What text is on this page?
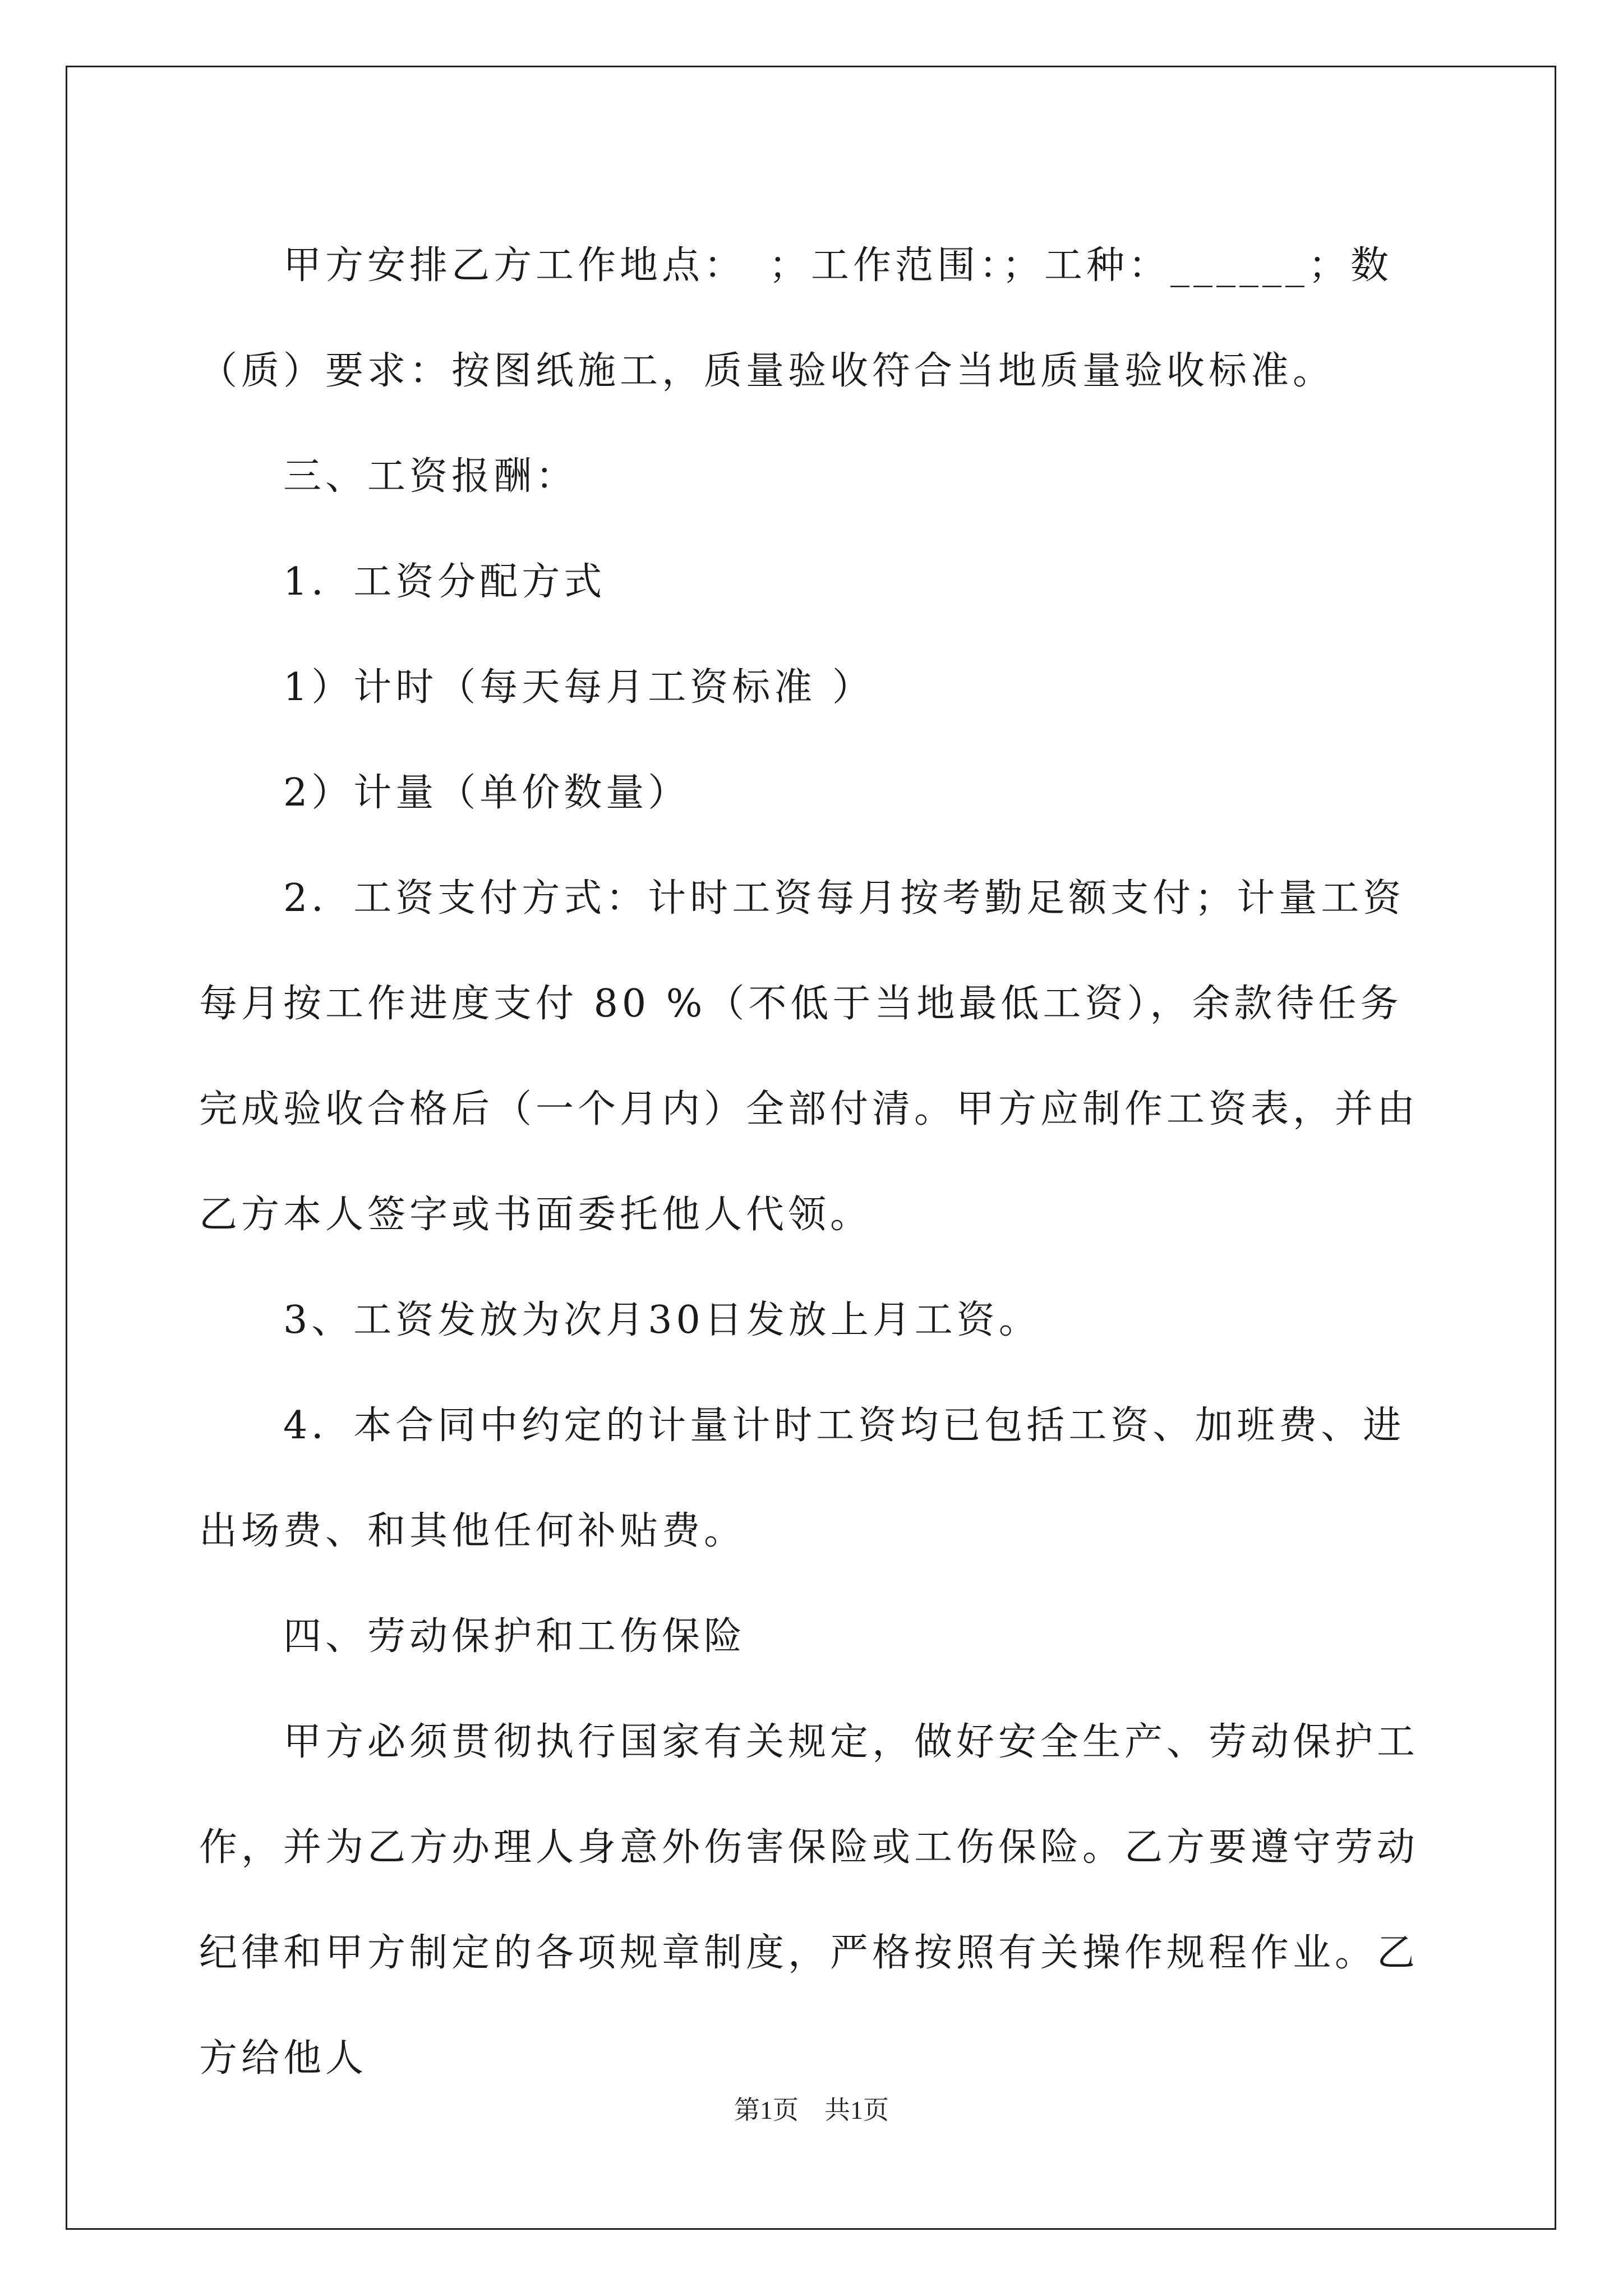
甲方安排乙方工作地点：　；工作范围：；工种：______；数（质）要求：按图纸施工，质量验收符合当地质量验收标准。

三、工资报酬：

1．工资分配方式

1）计时（每天每月工资标准 ）

2）计量（单价数量）

2．工资支付方式：计时工资每月按考勤足额支付；计量工资每月按工作进度支付 80 %（不低于当地最低工资），余款待任务完成验收合格后（一个月内）全部付清。甲方应制作工资表，并由乙方本人签字或书面委托他人代领。

3、工资发放为次月30日发放上月工资。

4．本合同中约定的计量计时工资均已包括工资、加班费、进出场费、和其他任何补贴费。

四、劳动保护和工伤保险

甲方必须贯彻执行国家有关规定，做好安全生产、劳动保护工作，并为乙方办理人身意外伤害保险或工伤保险。乙方要遵守劳动纪律和甲方制定的各项规章制度，严格按照有关操作规程作业。乙方给他人

第1页　共1页
